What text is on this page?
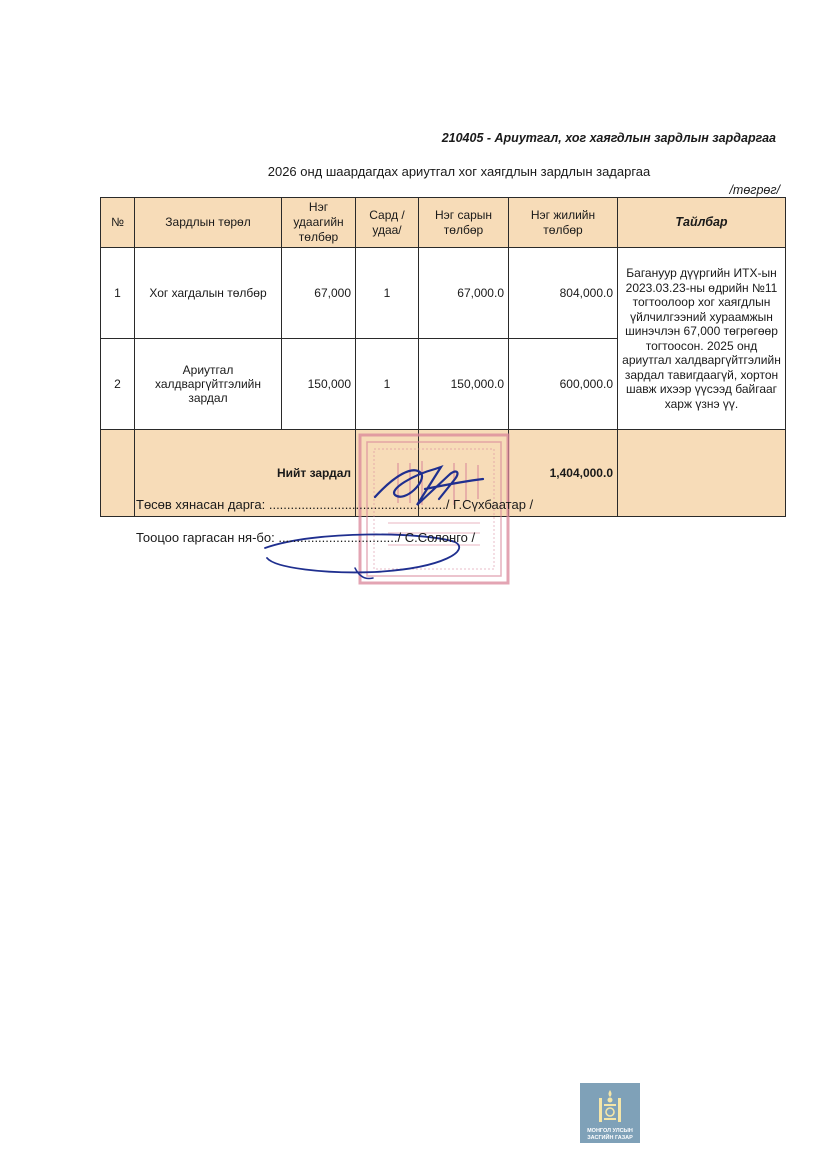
210405 - Ариутгал, хог хаягдлын зардлын зардаргаа
2026 онд шаардагдах ариутгал хог хаягдлын зардлын задаргаа
/төгрөг/
№	Зардлын төрөл	Нэг удаагийн төлбөр	Сард /удаа/	Нэг сарын төлбөр	Нэг жилийн төлбөр	Тайлбар
1	Хог хагдалын төлбөр	67,000	1	67,000.0	804,000.0	Багануур дүүргийн ИТХ-ын 2023.03.23-ны өдрийн №11 тогтоолоор хог хаягдлын үйлчилгээний хураамжын шинэчлэн 67,000 төгрөгөөр тогтоосон. 2025 онд ариутгал халдваргүйтгэлийн зардал тавигдаагүй, хортон шавж ихээр үүсээд байгааг харж үзнэ үү.
2	Ариутгал халдваргүйтгэлийн зардал	150,000	1	150,000.0	600,000.0	
	Нийт зардал				1,404,000.0	
Төсөв хянасан дарга: ................................................./ Г.Сүхбаатар /
Тооцоо гаргасан ня-бо: ................................./ С.Солонго /
МОНГОЛ УЛСЫН
ЗАСГИЙН ГАЗАР
